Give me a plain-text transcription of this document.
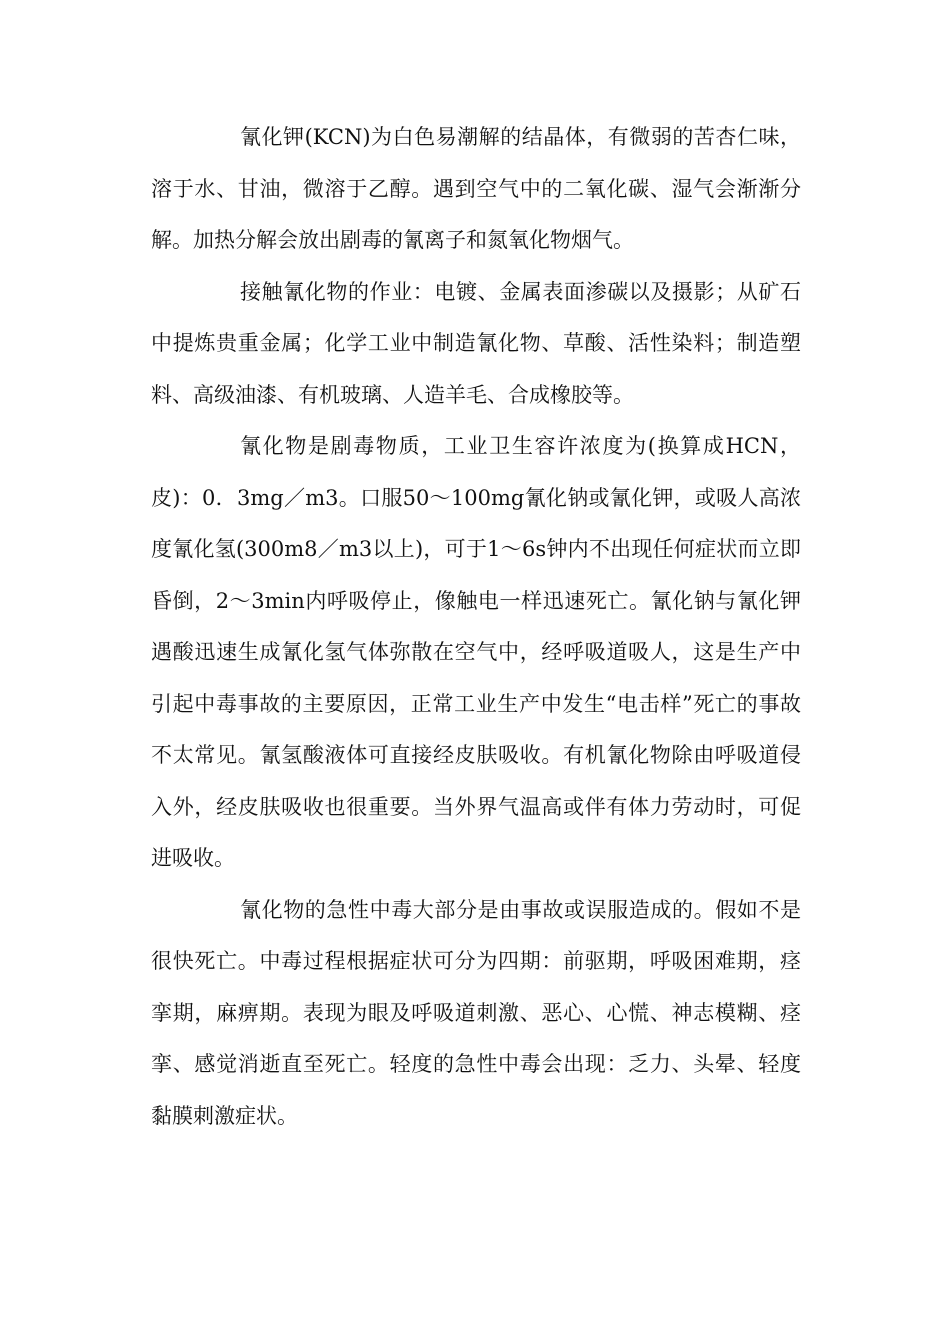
氰化钾(KCN)为白色易潮解的结晶体，有微弱的苦杏仁味，溶于水、甘油，微溶于乙醇。遇到空气中的二氧化碳、湿气会渐渐分解。加热分解会放出剧毒的氰离子和氮氧化物烟气。

接触氰化物的作业：电镀、金属表面渗碳以及摄影；从矿石中提炼贵重金属；化学工业中制造氰化物、草酸、活性染料；制造塑料、高级油漆、有机玻璃、人造羊毛、合成橡胶等。

氰化物是剧毒物质，工业卫生容许浓度为(换算成HCN，皮)：0．3mg／m3。口服50～100mg氰化钠或氰化钾，或吸人高浓度氰化氢(300m8／m3以上)，可于1～6s钟内不出现任何症状而立即昏倒，2～3min内呼吸停止，像触电一样迅速死亡。氰化钠与氰化钾遇酸迅速生成氰化氢气体弥散在空气中，经呼吸道吸人，这是生产中引起中毒事故的主要原因，正常工业生产中发生“电击样”死亡的事故不太常见。氰氢酸液体可直接经皮肤吸收。有机氰化物除由呼吸道侵入外，经皮肤吸收也很重要。当外界气温高或伴有体力劳动时，可促进吸收。

氰化物的急性中毒大部分是由事故或误服造成的。假如不是很快死亡。中毒过程根据症状可分为四期：前驱期，呼吸困难期，痉挛期，麻痹期。表现为眼及呼吸道刺激、恶心、心慌、神志模糊、痉挛、感觉消逝直至死亡。轻度的急性中毒会出现：乏力、头晕、轻度黏膜刺激症状。
